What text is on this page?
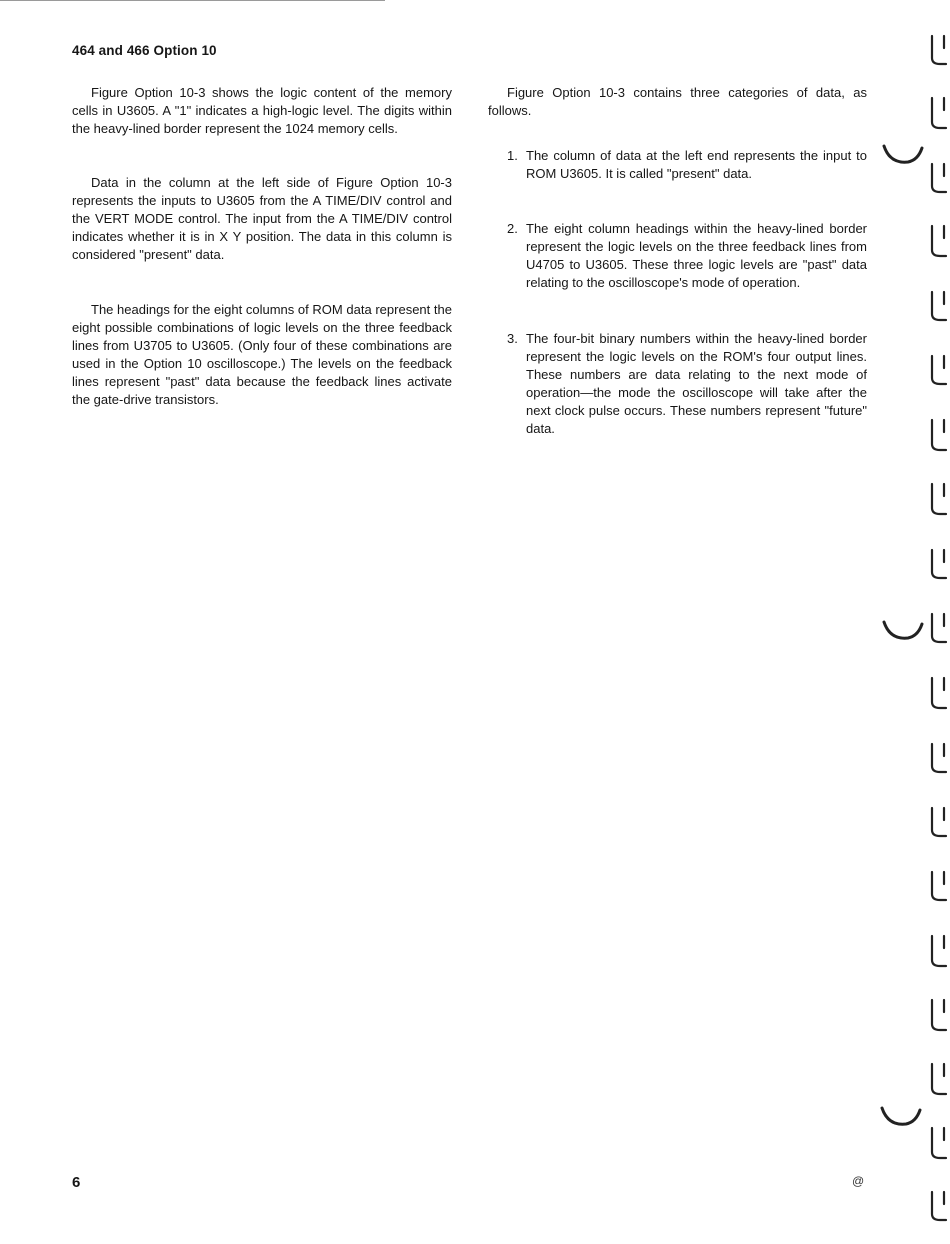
464 and 466 Option 10

Figure Option 10-3 shows the logic content of the memory cells in U3605. A "1" indicates a high-logic level. The digits within the heavy-lined border represent the 1024 memory cells.

Data in the column at the left side of Figure Option 10-3 represents the inputs to U3605 from the A TIME/DIV control and the VERT MODE control. The input from the A TIME/DIV control indicates whether it is in X Y position. The data in this column is considered "present" data.

The headings for the eight columns of ROM data represent the eight possible combinations of logic levels on the three feedback lines from U3705 to U3605. (Only four of these combinations are used in the Option 10 oscilloscope.) The levels on the feedback lines represent "past" data because the feedback lines activate the gate-drive transistors.

Figure Option 10-3 contains three categories of data, as follows.

1. The column of data at the left end represents the input to ROM U3605. It is called "present" data.
2. The eight column headings within the heavy-lined border represent the logic levels on the three feedback lines from U4705 to U3605. These three logic levels are "past" data relating to the oscilloscope's mode of operation.
3. The four-bit binary numbers within the heavy-lined border represent the logic levels on the ROM's four output lines. These numbers are data relating to the next mode of operation—the mode the oscilloscope will take after the next clock pulse occurs. These numbers represent "future" data.
6	@
